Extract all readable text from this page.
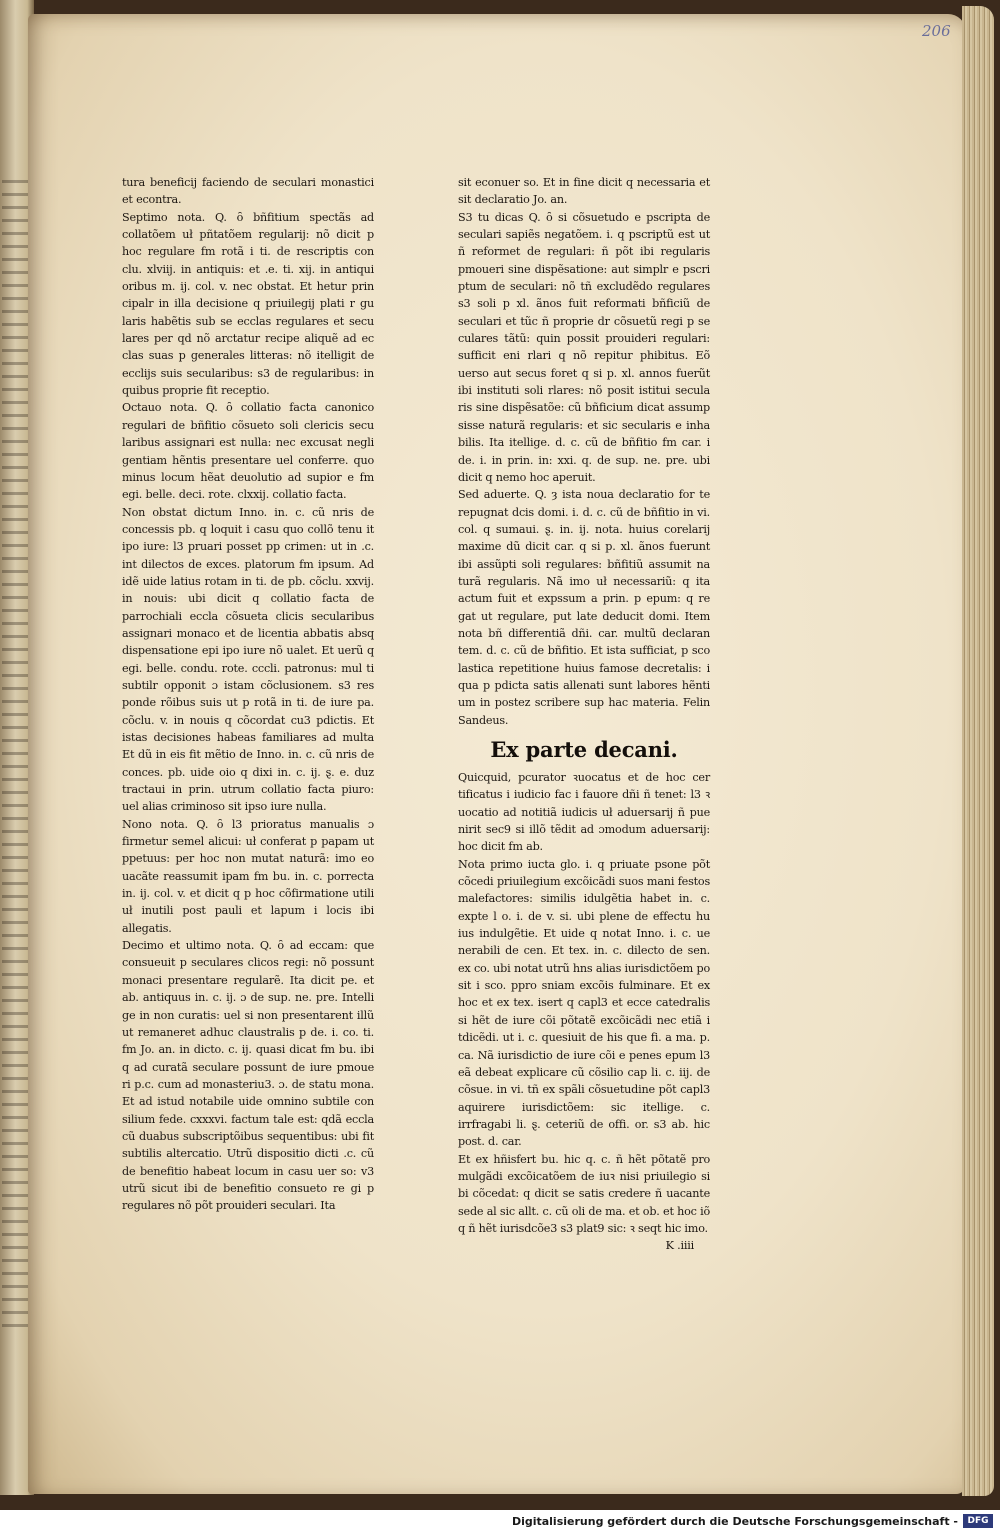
206

tura beneficij faciendo de seculari monastici et econtra.

Septimo nota. Q. ȏ bñfitium spectãs ad collatõem uł pñtatõem regularij: nõ dicit p hoc regulare fm rotã i ti. de rescriptis con clu. xlviij. in antiquis: et .e. ti. xij. in antiqui oribus m. ij. col. v. nec obstat. Et hetur prin cipalr in illa decisione q priuilegij plati r gu laris habẽtis sub se ecclas regulares et secu lares per qd nõ arctatur recipe aliquẽ ad ec clas suas p generales litteras: nõ itelligit de ecclijs suis secularibus: s3 de regularibus: in quibus proprie fit receptio.

Octauo nota. Q. ȏ collatio facta canonico regulari de bñfitio cõsueto soli clericis secu laribus assignari est nulla: nec excusat negli gentiam hẽntis presentare uel conferre. quo minus locum hẽat deuolutio ad supior e fm egi. belle. deci. rote. clxxij. collatio facta.

Non obstat dictum Inno. in. c. cũ nris de concessis pb. q loquit i casu quo collõ tenu it ipo iure: l3 pruari posset pp crimen: ut in .c. int dilectos de exces. platorum fm ipsum. Ad idẽ uide latius rotam in ti. de pb. cõclu. xxvij. in nouis: ubi dicit q collatio facta de parrochiali eccla cõsueta clicis secularibus assignari monaco et de licentia abbatis absq dispensatione epi ipo iure nõ ualet. Et uerũ q egi. belle. condu. rote. cccli. patronus: mul ti subtilr opponit ɔ istam cõclusionem. s3 res ponde rõibus suis ut p rotã in ti. de iure pa. cõclu. v. in nouis q cõcordat cu3 pdictis. Et istas decisiones habeas familiares ad multa Et dũ in eis fit mẽtio de Inno. in. c. cũ nris de conces. pb. uide oio q dixi in. c. ij. ȿ. e. duz tractaui in prin. utrum collatio facta piuro: uel alias criminoso sit ipso iure nulla.

Nono nota. Q. ȏ l3 prioratus manualis ɔ firmetur semel alicui: uł conferat p papam ut ppetuus: per hoc non mutat naturã: imo eo uacãte reassumit ipam fm bu. in. c. porrecta in. ij. col. v. et dicit q p hoc cõfirmatione utili uł inutili post pauli et lapum i locis ibi allegatis.

Decimo et ultimo nota. Q. ȏ ad eccam: que consueuit p seculares clicos regi: nõ possunt monaci presentare regularẽ. Ita dicit pe. et ab. antiquus in. c. ij. ɔ de sup. ne. pre. Intelli ge in non curatis: uel si non presentarent illũ ut remaneret adhuc claustralis p de. i. co. ti. fm Jo. an. in dicto. c. ij. quasi dicat fm bu. ibi q ad curatã seculare possunt de iure pmoue ri p.c. cum ad monasteriu3. ɔ. de statu mona. Et ad istud notabile uide omnino subtile con silium fede. cxxxvi. factum tale est: qdã eccla cũ duabus subscriptõibus sequentibus: ubi fit subtilis altercatio. Utrũ dispositio dicti .c. cũ de benefitio habeat locum in casu uer so: v3 utrũ sicut ibi de benefitio consueto re gi p regulares nõ põt prouideri seculari. Ita

sit econuer so. Et in fine dicit q necessaria et sit declaratio Jo. an.

S3 tu dicas Q. ȏ si cõsuetudo e pscripta de seculari sapiẽs negatõem. i. q pscriptũ est ut ñ reformet de regulari: ñ põt ibi regularis pmoueri sine dispẽsatione: aut simplr e pscri ptum de seculari: nõ tñ excludẽdo regulares s3 soli p xl. ãnos fuit reformati bñficiũ de seculari et tũc ñ proprie dr cõsuetũ regi p se culares tãtũ: quin possit prouideri regulari: sufficit eni rlari q nõ repitur phibitus. Eõ uerso aut secus foret q si p. xl. annos fuerũt ibi instituti soli rlares: nõ posit istitui secula ris sine dispẽsatõe: cũ bñficium dicat assump sisse naturã regularis: et sic secularis e inha bilis. Ita itellige. d. c. cũ de bñfitio fm car. i de. i. in prin. in: xxi. q. de sup. ne. pre. ubi dicit q nemo hoc aperuit.

Sed aduerte. Q. ȝ ista noua declaratio for te repugnat dcis domi. i. d. c. cũ de bñfitio in vi. col. q sumaui. ȿ. in. ij. nota. huius corelarij maxime dũ dicit car. q si p. xl. ãnos fuerunt ibi assũpti soli regulares: bñfitiũ assumit na turã regularis. Nã imo uł necessariũ: q ita actum fuit et expssum a prin. p epum: q re gat ut regulare, put late deducit domi. Item nota bñ differentiã dñi. car. multũ declaran tem. d. c. cũ de bñfitio. Et ista sufficiat, p sco lastica repetitione huius famose decretalis: i qua p pdicta satis allenati sunt labores hẽnti um in postez scribere sup hac materia. Felin Sandeus.

Ex parte decani.

Quicquid, pcurator ꝛuocatus et de hoc cer tificatus i iudicio fac i fauore dñi ñ tenet: l3 ꝛ uocatio ad notitiã iudicis uł aduersarij ñ pue nirit sec9 si illõ tẽdit ad ɔmodum aduersarij: hoc dicit fm ab.

Nota primo iucta glo. i. q priuate psone põt cõcedi priuilegium excõicãdi suos mani festos malefactores: similis idulgẽtia habet in. c. expte l o. i. de v. si. ubi plene de effectu hu ius indulgẽtie. Et uide q notat Inno. i. c. ue nerabili de cen. Et tex. in. c. dilecto de sen. ex co. ubi notat utrũ hns alias iurisdictõem po sit i sco. ppro sniam excõis fulminare. Et ex hoc et ex tex. isert q capl3 et ecce catedralis si hẽt de iure cõi põtatẽ excõicãdi nec etiã i tdicẽdi. ut i. c. quesiuit de his que fi. a ma. p. ca. Nã iurisdictio de iure cõi e penes epum l3 eã debeat explicare cũ cõsilio cap li. c. iij. de cõsue. in vi. tñ ex spãli cõsuetudine põt capl3 aquirere iurisdictõem: sic itellige. c. irrfragabi li. ȿ. ceteriũ de offi. or. s3 ab. hic post. d. car.

Et ex hñisfert bu. hic q. c. ñ hẽt põtatẽ pro mulgãdi excõicatõem de iuꝛ nisi priuilegio si bi cõcedat: q dicit se satis credere ñ uacante sede al sic allt. c. cũ oli de ma. et ob. et hoc iõ q ñ hẽt iurisdcõe3 s3 plat9 sic: ꝛ seqt hic imo.

K .iiii

Digitalisierung gefördert durch die Deutsche Forschungsgemeinschaft -	DFG
